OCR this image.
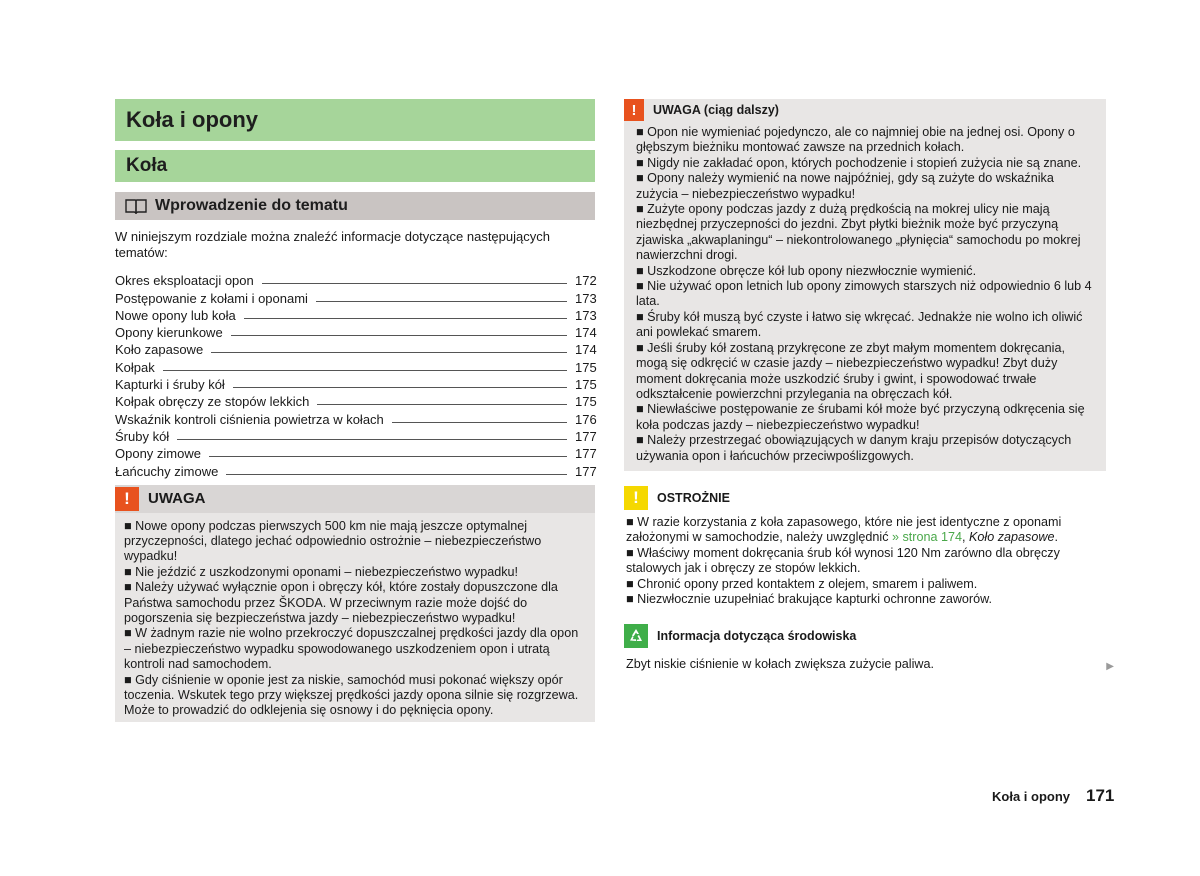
Koła i opony
Koła
Wprowadzenie do tematu
W niniejszym rozdziale można znaleźć informacje dotyczące następujących tematów:
Okres eksploatacji opon	172
Postępowanie z kołami i oponami	173
Nowe opony lub koła	173
Opony kierunkowe	174
Koło zapasowe	174
Kołpak	175
Kapturki i śruby kół	175
Kołpak obręczy ze stopów lekkich	175
Wskaźnik kontroli ciśnienia powietrza w kołach	176
Śruby kół	177
Opony zimowe	177
Łańcuchy zimowe	177
!	UWAGA

■ Nowe opony podczas pierwszych 500 km nie mają jeszcze optymalnej przyczepności, dlatego jechać odpowiednio ostrożnie – niebezpieczeństwo wypadku!

■ Nie jeździć z uszkodzonymi oponami – niebezpieczeństwo wypadku!

■ Należy używać wyłącznie opon i obręczy kół, które zostały dopuszczone dla Państwa samochodu przez ŠKODA. W przeciwnym razie może dojść do pogorszenia się bezpieczeństwa jazdy – niebezpieczeństwo wypadku!

■ W żadnym razie nie wolno przekroczyć dopuszczalnej prędkości jazdy dla opon – niebezpieczeństwo wypadku spowodowanego uszkodzeniem opon i utratą kontroli nad samochodem.

■ Gdy ciśnienie w oponie jest za niskie, samochód musi pokonać większy opór toczenia. Wskutek tego przy większej prędkości jazdy opona silnie się rozgrzewa. Może to prowadzić do odklejenia się osnowy i do pęknięcia opony.

!	UWAGA (ciąg dalszy)

■ Opon nie wymieniać pojedynczo, ale co najmniej obie na jednej osi. Opony o głębszym bieżniku montować zawsze na przednich kołach.

■ Nigdy nie zakładać opon, których pochodzenie i stopień zużycia nie są znane.

■ Opony należy wymienić na nowe najpóźniej, gdy są zużyte do wskaźnika zużycia – niebezpieczeństwo wypadku!

■ Zużyte opony podczas jazdy z dużą prędkością na mokrej ulicy nie mają niezbędnej przyczepności do jezdni. Zbyt płytki bieżnik może być przyczyną zjawiska „akwaplaningu“ – niekontrolowanego „płynięcia“ samochodu po mokrej nawierzchni drogi.

■ Uszkodzone obręcze kół lub opony niezwłocznie wymienić.

■ Nie używać opon letnich lub opony zimowych starszych niż odpowiednio 6 lub 4 lata.

■ Śruby kół muszą być czyste i łatwo się wkręcać. Jednakże nie wolno ich oliwić ani powlekać smarem.

■ Jeśli śruby kół zostaną przykręcone ze zbyt małym momentem dokręcania, mogą się odkręcić w czasie jazdy – niebezpieczeństwo wypadku! Zbyt duży moment dokręcania może uszkodzić śruby i gwint, i spowodować trwałe odkształcenie powierzchni przylegania na obręczach kół.

■ Niewłaściwe postępowanie ze śrubami kół może być przyczyną odkręcenia się koła podczas jazdy – niebezpieczeństwo wypadku!

■ Należy przestrzegać obowiązujących w danym kraju przepisów dotyczących używania opon i łańcuchów przeciwpoślizgowych.

!	OSTROŻNIE

■ W razie korzystania z koła zapasowego, które nie jest identyczne z oponami założonymi w samochodzie, należy uwzględnić » strona 174, Koło zapasowe.

■ Właściwy moment dokręcania śrub kół wynosi 120 Nm zarówno dla obręczy stalowych jak i obręczy ze stopów lekkich.

■ Chronić opony przed kontaktem z olejem, smarem i paliwem.

■ Niezwłocznie uzupełniać brakujące kapturki ochronne zaworów.

Informacja dotycząca środowiska

Zbyt niskie ciśnienie w kołach zwiększa zużycie paliwa.	▶
Koła i opony 171
